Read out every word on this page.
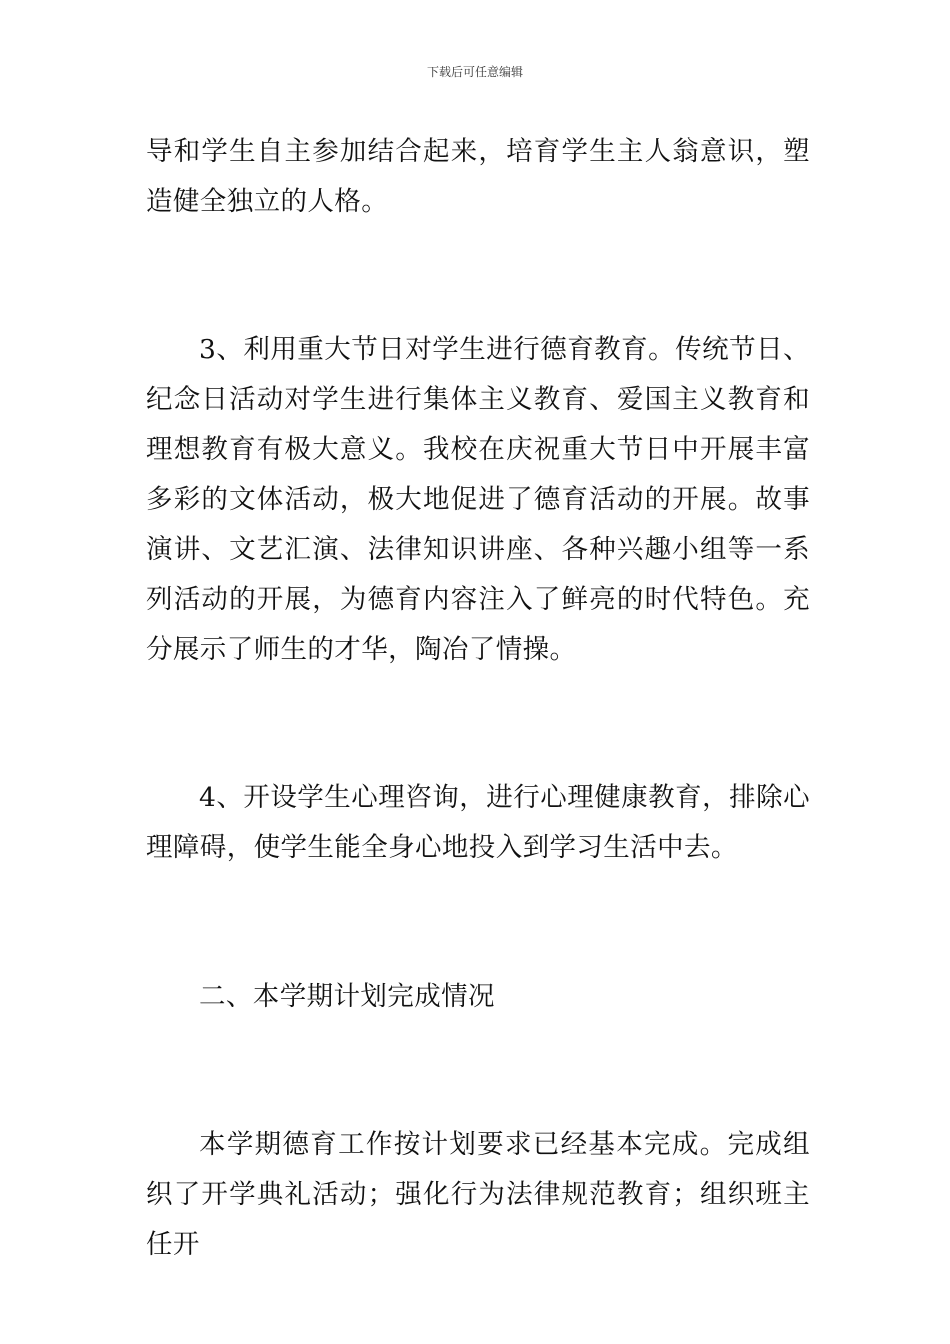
下载后可任意编辑

导和学生自主参加结合起来，培育学生主人翁意识，塑造健全独立的人格。

3、利用重大节日对学生进行德育教育。传统节日、纪念日活动对学生进行集体主义教育、爱国主义教育和理想教育有极大意义。我校在庆祝重大节日中开展丰富多彩的文体活动，极大地促进了德育活动的开展。故事演讲、文艺汇演、法律知识讲座、各种兴趣小组等一系列活动的开展，为德育内容注入了鲜亮的时代特色。充分展示了师生的才华，陶冶了情操。

4、开设学生心理咨询，进行心理健康教育，排除心理障碍，使学生能全身心地投入到学习生活中去。

二、本学期计划完成情况

本学期德育工作按计划要求已经基本完成。完成组织了开学典礼活动；强化行为法律规范教育；组织班主任开
